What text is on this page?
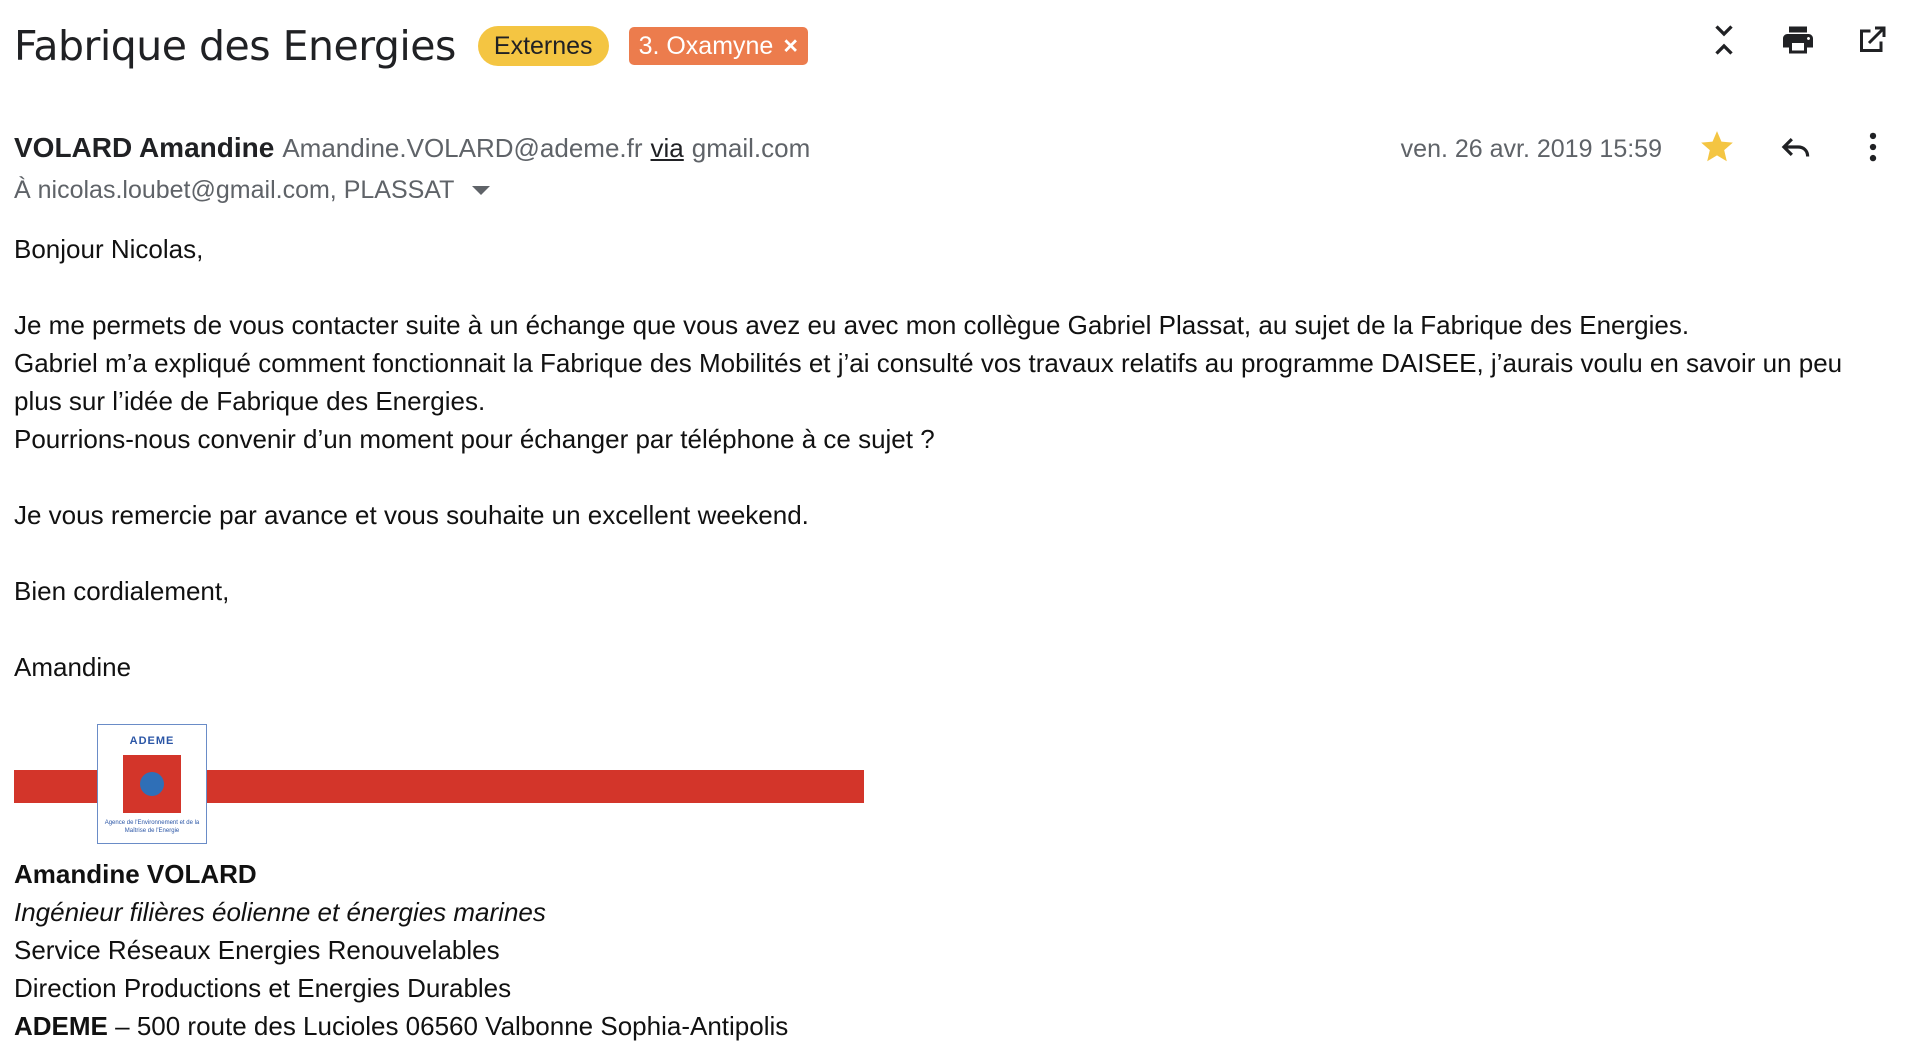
Fabrique des Energies	Externes	3. Oxamyne ×
VOLARD Amandine Amandine.VOLARD@ademe.fr via gmail.com	ven. 26 avr. 2019 15:59
À nicolas.loubet@gmail.com, PLASSAT

Bonjour Nicolas,

Je me permets de vous contacter suite à un échange que vous avez eu avec mon collègue Gabriel Plassat, au sujet de la Fabrique des Energies.

Gabriel m’a expliqué comment fonctionnait la Fabrique des Mobilités et j’ai consulté vos travaux relatifs au programme DAISEE, j’aurais voulu en savoir un peu plus sur l’idée de Fabrique des Energies.

Pourrions-nous convenir d’un moment pour échanger par téléphone à ce sujet ?

Je vous remercie par avance et vous souhaite un excellent weekend.

Bien cordialement,

Amandine

ADEME
Agence de l'Environnement et de la Maîtrise de l'Energie

Amandine VOLARD

Ingénieur filières éolienne et énergies marines

Service Réseaux Energies Renouvelables

Direction Productions et Energies Durables

ADEME – 500 route des Lucioles 06560 Valbonne Sophia-Antipolis
